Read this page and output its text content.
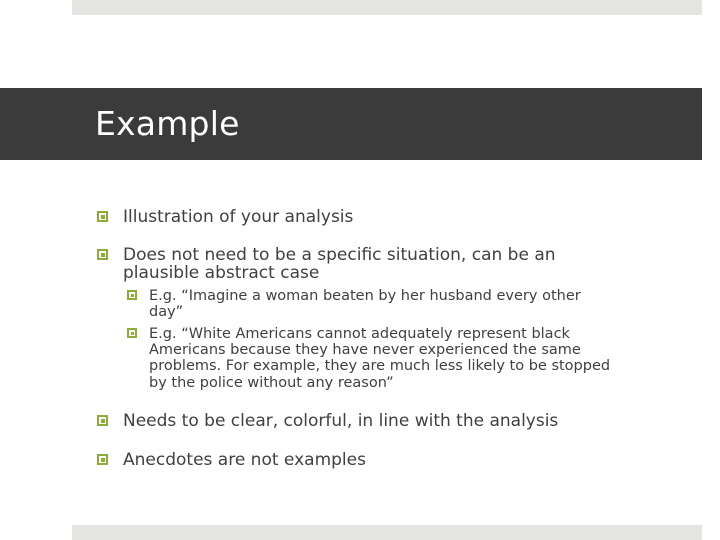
Example
Illustration of your analysis
Does not need to be a specific situation, can be an
plausible abstract case
E.g. “Imagine a woman beaten by her husband every other
day”
E.g. “White Americans cannot adequately represent black
Americans because they have never experienced the same
problems. For example, they are much less likely to be stopped
by the police without any reason”
Needs to be clear, colorful, in line with the analysis
Anecdotes are not examples
